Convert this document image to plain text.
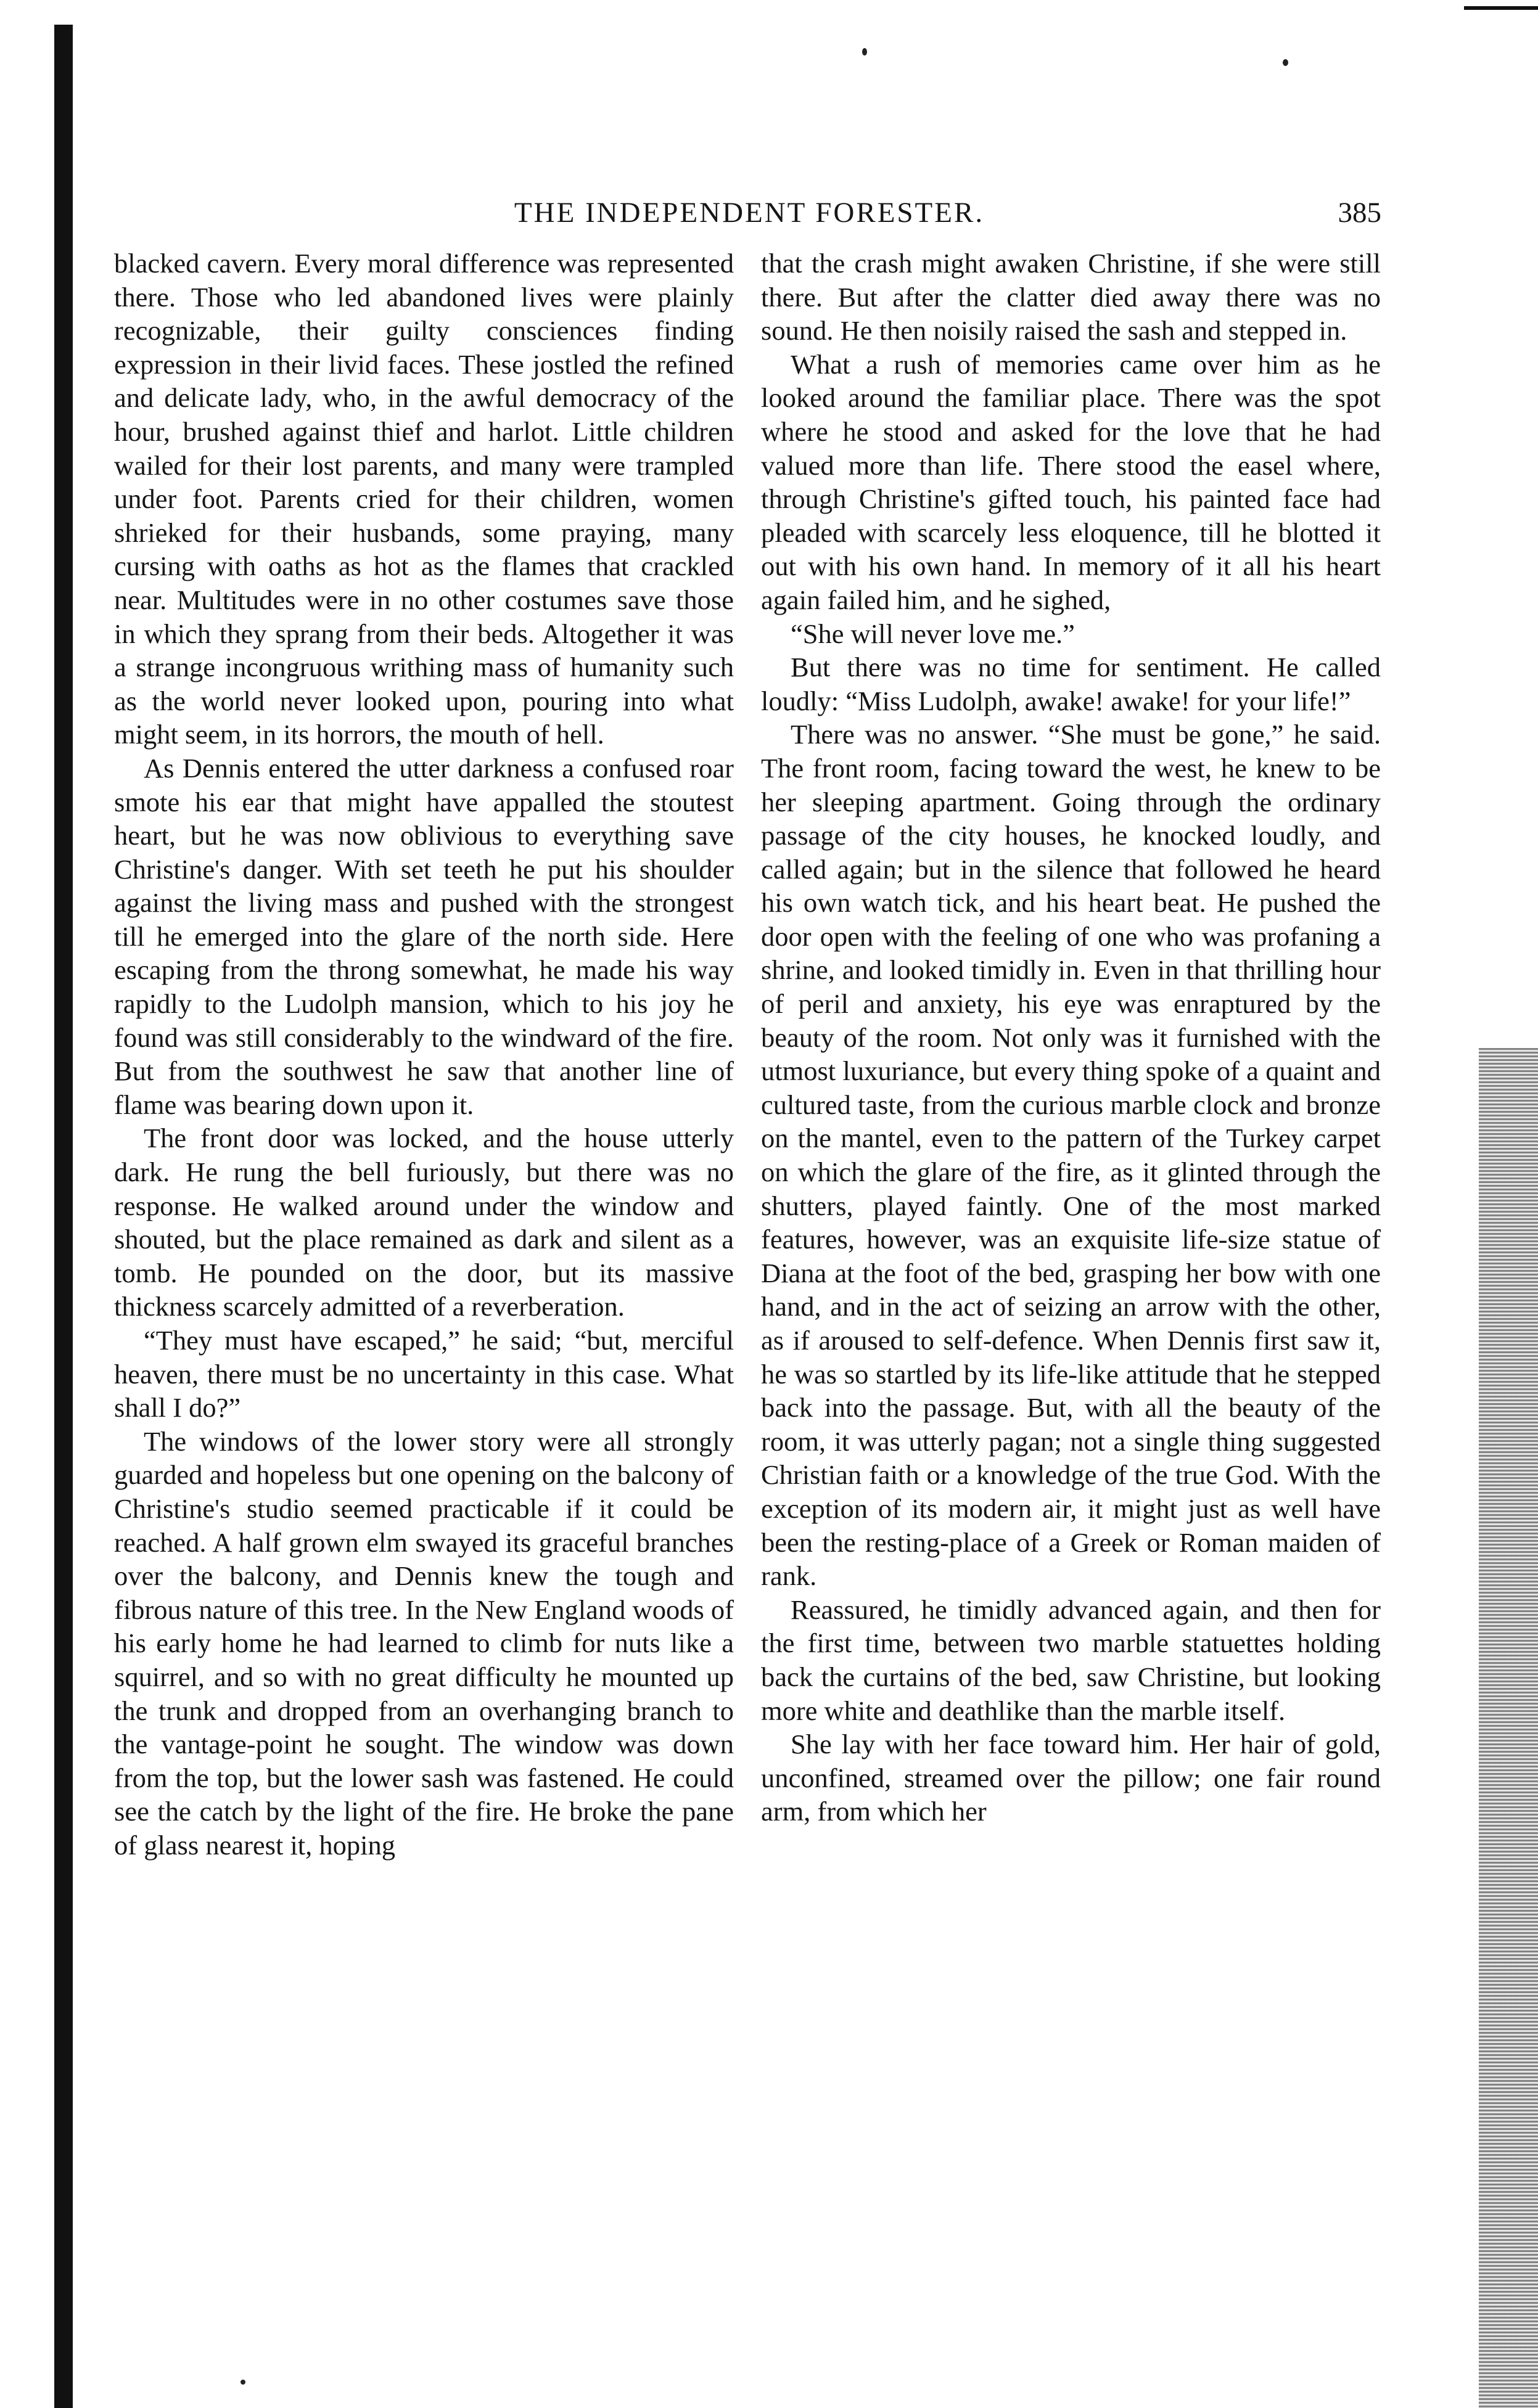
THE INDEPENDENT FORESTER.	385

blacked cavern. Every moral difference was represented there. Those who led abandoned lives were plainly recognizable, their guilty consciences finding expression in their livid faces. These jostled the refined and delicate lady, who, in the awful democracy of the hour, brushed against thief and harlot. Little children wailed for their lost parents, and many were trampled under foot. Parents cried for their children, women shrieked for their husbands, some praying, many cursing with oaths as hot as the flames that crackled near. Multitudes were in no other costumes save those in which they sprang from their beds. Altogether it was a strange incongruous writhing mass of humanity such as the world never looked upon, pouring into what might seem, in its horrors, the mouth of hell.

As Dennis entered the utter darkness a confused roar smote his ear that might have appalled the stoutest heart, but he was now oblivious to everything save Christine's danger. With set teeth he put his shoulder against the living mass and pushed with the strongest till he emerged into the glare of the north side. Here escaping from the throng somewhat, he made his way rapidly to the Ludolph mansion, which to his joy he found was still considerably to the windward of the fire. But from the southwest he saw that another line of flame was bearing down upon it.

The front door was locked, and the house utterly dark. He rung the bell furiously, but there was no response. He walked around under the window and shouted, but the place remained as dark and silent as a tomb. He pounded on the door, but its massive thickness scarcely admitted of a reverberation.

“They must have escaped,” he said; “but, merciful heaven, there must be no uncertainty in this case. What shall I do?”

The windows of the lower story were all strongly guarded and hopeless but one opening on the balcony of Christine's studio seemed practicable if it could be reached. A half grown elm swayed its graceful branches over the balcony, and Dennis knew the tough and fibrous nature of this tree. In the New England woods of his early home he had learned to climb for nuts like a squirrel, and so with no great difficulty he mounted up the trunk and dropped from an overhanging branch to the vantage-point he sought. The window was down from the top, but the lower sash was fastened. He could see the catch by the light of the fire. He broke the pane of glass nearest it, hoping

that the crash might awaken Christine, if she were still there. But after the clatter died away there was no sound. He then noisily raised the sash and stepped in.

What a rush of memories came over him as he looked around the familiar place. There was the spot where he stood and asked for the love that he had valued more than life. There stood the easel where, through Christine's gifted touch, his painted face had pleaded with scarcely less eloquence, till he blotted it out with his own hand. In memory of it all his heart again failed him, and he sighed,

“She will never love me.”

But there was no time for sentiment. He called loudly: “Miss Ludolph, awake! awake! for your life!”

There was no answer. “She must be gone,” he said. The front room, facing toward the west, he knew to be her sleeping apartment. Going through the ordinary passage of the city houses, he knocked loudly, and called again; but in the silence that followed he heard his own watch tick, and his heart beat. He pushed the door open with the feeling of one who was profaning a shrine, and looked timidly in. Even in that thrilling hour of peril and anxiety, his eye was enraptured by the beauty of the room. Not only was it furnished with the utmost luxuriance, but every thing spoke of a quaint and cultured taste, from the curious marble clock and bronze on the mantel, even to the pattern of the Turkey carpet on which the glare of the fire, as it glinted through the shutters, played faintly. One of the most marked features, however, was an exquisite life-size statue of Diana at the foot of the bed, grasping her bow with one hand, and in the act of seizing an arrow with the other, as if aroused to self-defence. When Dennis first saw it, he was so startled by its life-like attitude that he stepped back into the passage. But, with all the beauty of the room, it was utterly pagan; not a single thing suggested Christian faith or a knowledge of the true God. With the exception of its modern air, it might just as well have been the resting-place of a Greek or Roman maiden of rank.

Reassured, he timidly advanced again, and then for the first time, between two marble statuettes holding back the curtains of the bed, saw Christine, but looking more white and deathlike than the marble itself.

She lay with her face toward him. Her hair of gold, unconfined, streamed over the pillow; one fair round arm, from which her
